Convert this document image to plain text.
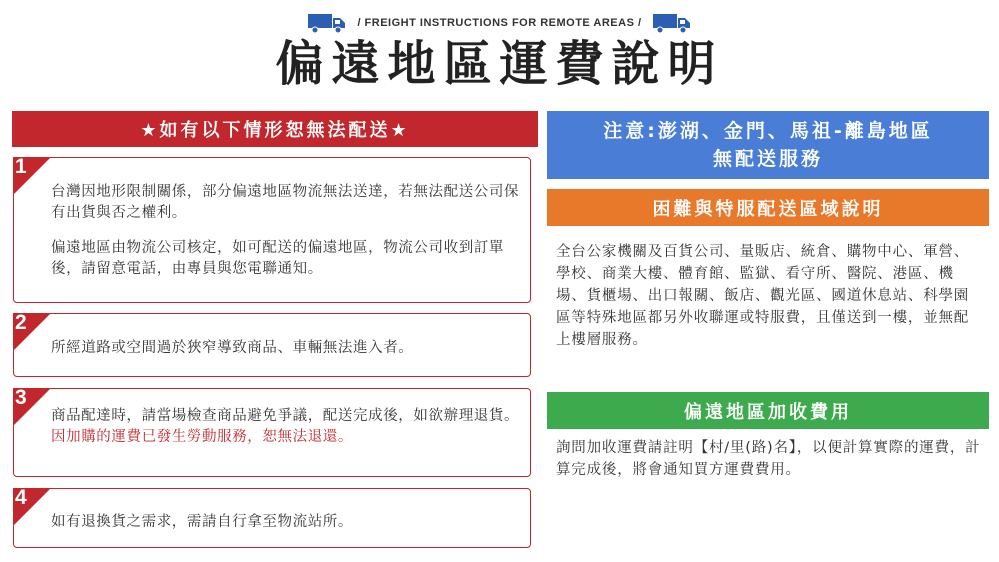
/ FREIGHT INSTRUCTIONS FOR REMOTE AREAS /
偏遠地區運費說明
★如有以下情形恕無法配送★
1

台灣因地形限制關係，部分偏遠地區物流無法送達，若無法配送公司保有出貨與否之權利。

偏遠地區由物流公司核定，如可配送的偏遠地區，物流公司收到訂單後，請留意電話，由專員與您電聯通知。

2

所經道路或空間過於狹窄導致商品、車輛無法進入者。

3

商品配達時，請當場檢查商品避免爭議，配送完成後，如欲辦理退貨。因加購的運費已發生勞動服務，恕無法退還。

4

如有退換貨之需求，需請自行拿至物流站所。

注意:澎湖、金門、馬祖-離島地區
無配送服務
困難與特服配送區域說明

全台公家機關及百貨公司、量販店、統倉、購物中心、軍營、學校、商業大樓、體育館、監獄、看守所、醫院、港區、機場、貨櫃場、出口報關、飯店、觀光區、國道休息站、科學園區等特殊地區都另外收聯運或特服費，且僅送到一樓，並無配上樓層服務。

偏遠地區加收費用

詢問加收運費請註明【村/里(路)名】，以便計算實際的運費，計算完成後，將會通知買方運費費用。
